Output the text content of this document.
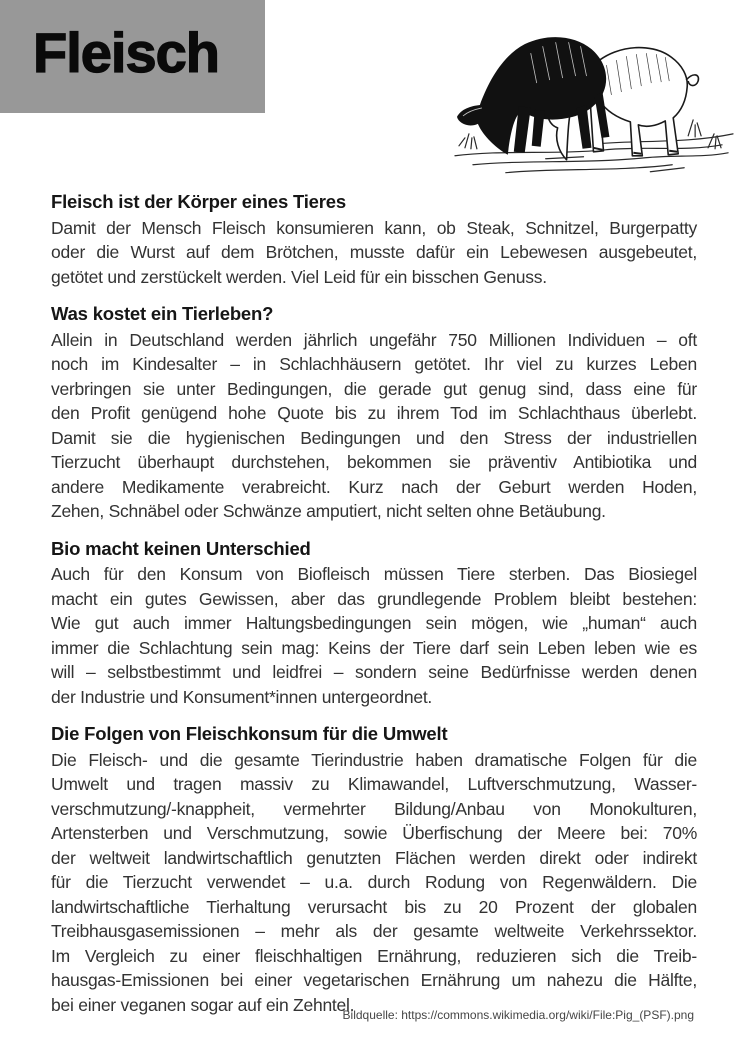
Fleisch
Fleisch ist der Körper eines Tieres
Damit der Mensch Fleisch konsumieren kann, ob Steak, Schnitzel, Burgerpatty
oder die Wurst auf dem Brötchen, musste dafür ein Lebewesen ausgebeutet,
getötet und zerstückelt werden. Viel Leid für ein bisschen Genuss.
Was kostet ein Tierleben?
Allein in Deutschland werden jährlich ungefähr 750 Millionen Individuen – oft
noch im Kindesalter – in Schlachhäusern getötet. Ihr viel zu kurzes Leben
verbringen sie unter Bedingungen, die gerade gut genug sind, dass eine für
den Profit genügend hohe Quote bis zu ihrem Tod im Schlachthaus überlebt.
Damit sie die hygienischen Bedingungen und den Stress der industriellen
Tierzucht überhaupt durchstehen, bekommen sie präventiv Antibiotika und
andere Medikamente verabreicht. Kurz nach der Geburt werden Hoden,
Zehen, Schnäbel oder Schwänze amputiert, nicht selten ohne Betäubung.
Bio macht keinen Unterschied
Auch für den Konsum von Biofleisch müssen Tiere sterben. Das Biosiegel
macht ein gutes Gewissen, aber das grundlegende Problem bleibt bestehen:
Wie gut auch immer Haltungsbedingungen sein mögen, wie „human“ auch
immer die Schlachtung sein mag: Keins der Tiere darf sein Leben leben wie es
will – selbstbestimmt und leidfrei – sondern seine Bedürfnisse werden denen
der Industrie und Konsument*innen untergeordnet.
Die Folgen von Fleischkonsum für die Umwelt
Die Fleisch- und die gesamte Tierindustrie haben dramatische Folgen für die
Umwelt und tragen massiv zu Klimawandel, Luftverschmutzung, Wasser-
verschmutzung/-knappheit, vermehrter Bildung/Anbau von Monokulturen,
Artensterben und Verschmutzung, sowie Überfischung der Meere bei: 70%
der weltweit landwirtschaftlich genutzten Flächen werden direkt oder indirekt
für die Tierzucht verwendet – u.a. durch Rodung von Regenwäldern. Die
landwirtschaftliche Tierhaltung verursacht bis zu 20 Prozent der globalen
Treibhausgasemissionen – mehr als der gesamte weltweite Verkehrssektor.
Im Vergleich zu einer fleischhaltigen Ernährung, reduzieren sich die Treib-
hausgas-Emissionen bei einer vegetarischen Ernährung um nahezu die Hälfte,
bei einer veganen sogar auf ein Zehntel.
Bildquelle: https://commons.wikimedia.org/wiki/File:Pig_(PSF).png
